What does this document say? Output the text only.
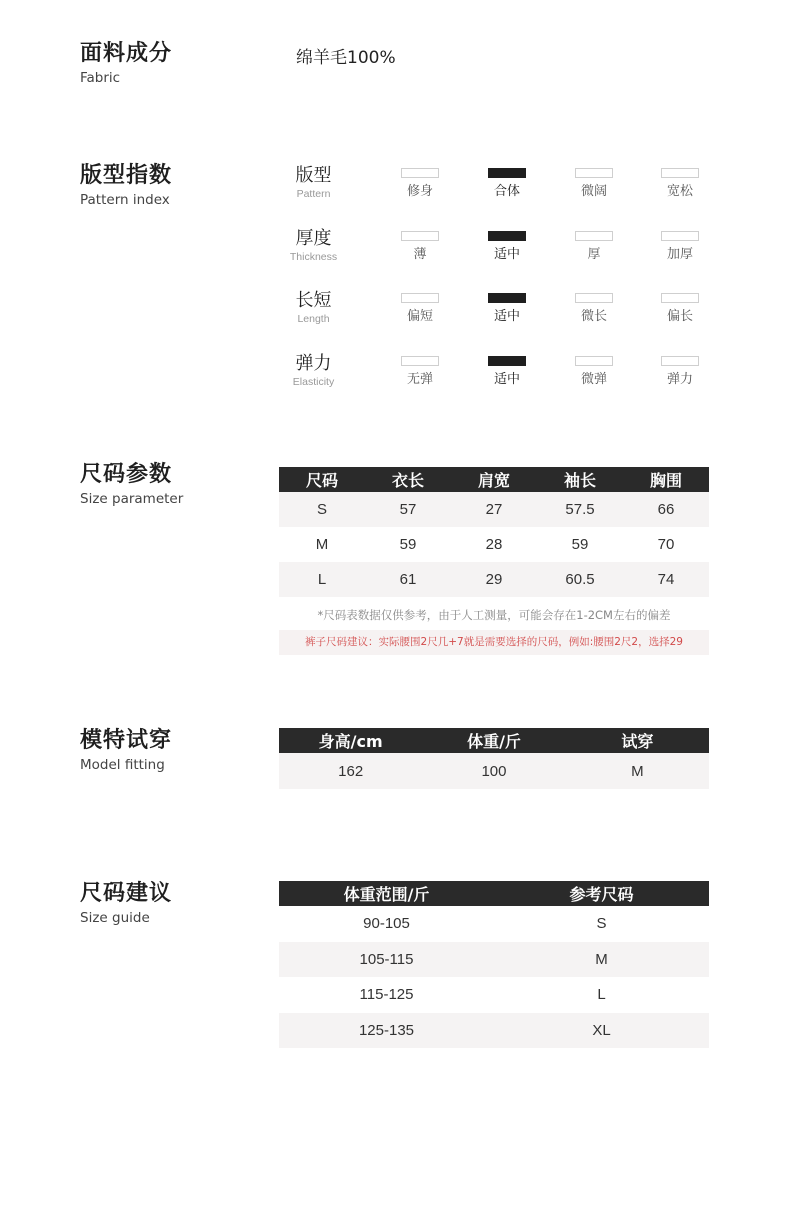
面料成分
Fabric
绵羊毛100%
版型指数
Pattern index
版型
Pattern	修身	合体	微阔	宽松
厚度
Thickness	薄	适中	厚	加厚
长短
Length	偏短	适中	微长	偏长
弹力
Elasticity	无弹	适中	微弹	弹力
尺码参数
Size parameter
尺码	衣长	肩宽	袖长	胸围
S	57	27	57.5	66
M	59	28	59	70
L	61	29	60.5	74
*尺码表数据仅供参考，由于人工测量，可能会存在1-2CM左右的偏差
裤子尺码建议：实际腰围2尺几+7就是需要选择的尺码，例如:腰围2尺2，选择29
模特试穿
Model fitting
身高/cm	体重/斤	试穿
162	100	M
尺码建议
Size guide
体重范围/斤	参考尺码
90-105	S
105-115	M
115-125	L
125-135	XL
